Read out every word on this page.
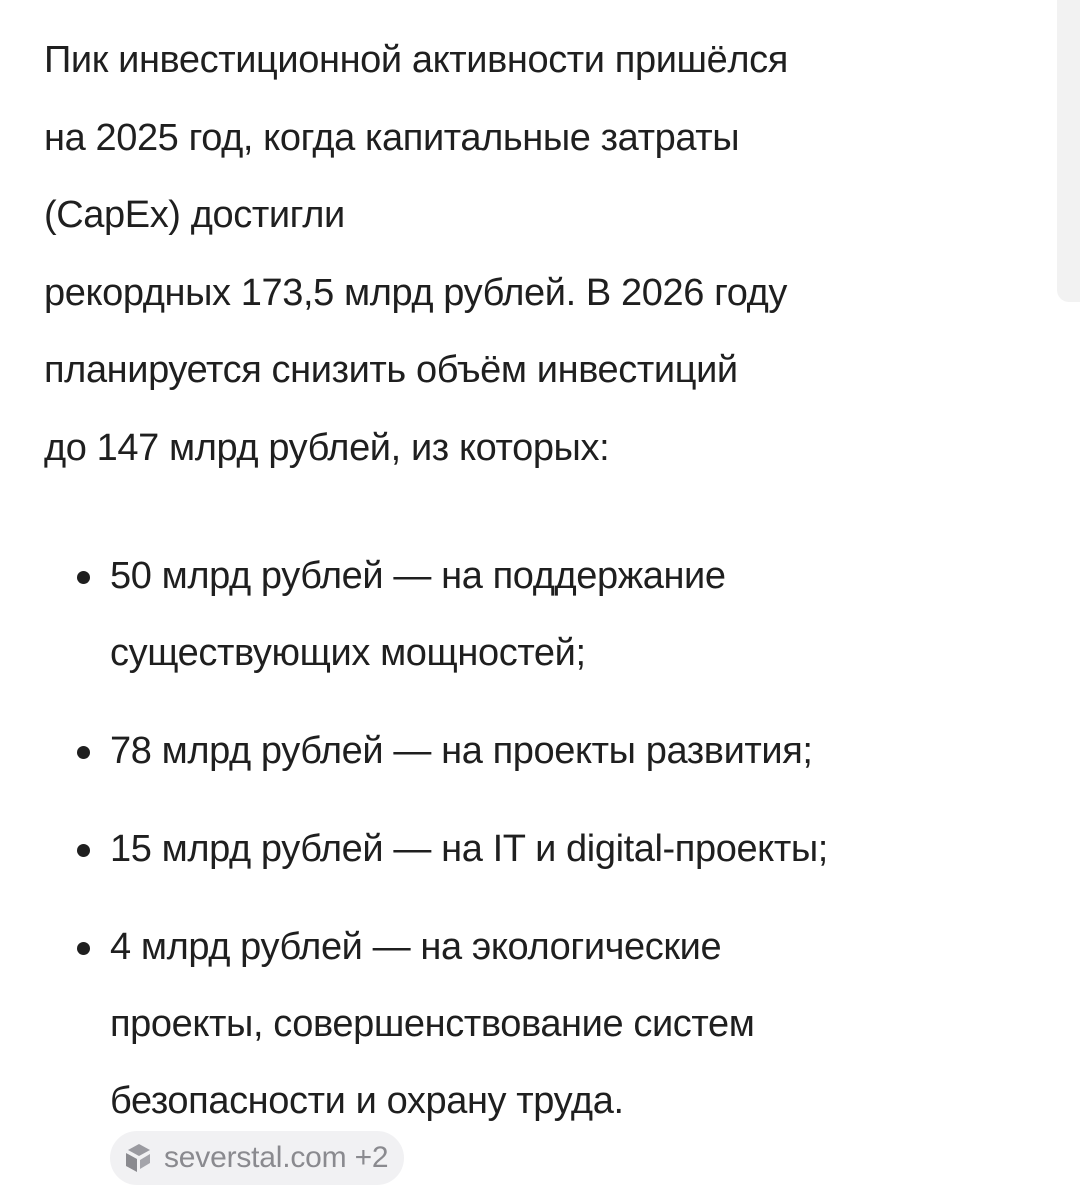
Пик инвестиционной активности пришёлся
на 2025 год, когда капитальные затраты
(CapEx) достигли
рекордных 173,5 млрд рублей. В 2026 году
планируется снизить объём инвестиций
до 147 млрд рублей, из которых:

50 млрд рублей — на поддержание
существующих мощностей;
78 млрд рублей — на проекты развития;
15 млрд рублей — на IT и digital-проекты;
4 млрд рублей — на экологические
проекты, совершенствование систем
безопасности и охрану труда.
severstal.com +2
